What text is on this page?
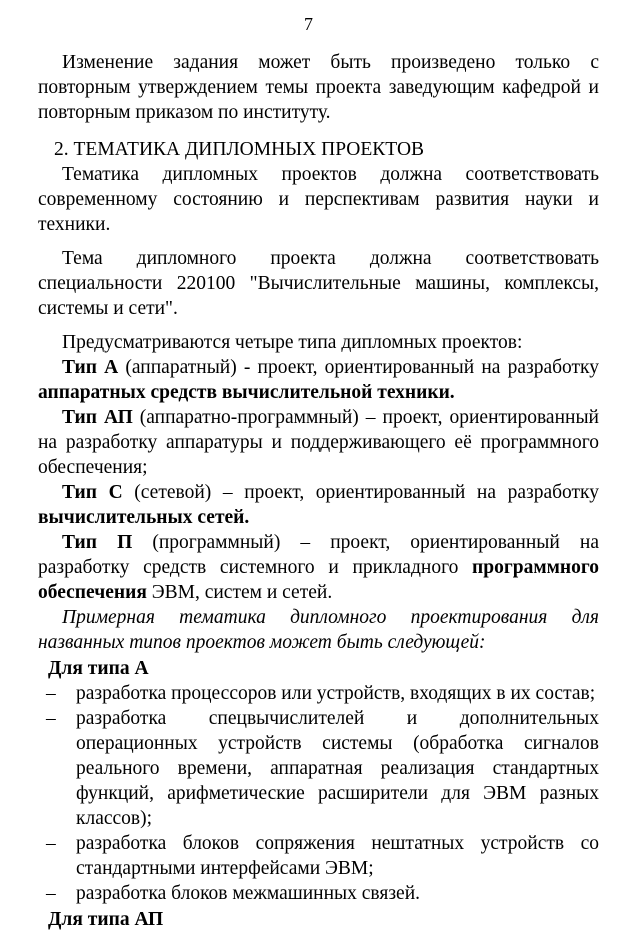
7

Изменение задания может быть произведено только с повторным утверждением темы проекта заведующим кафедрой и повторным приказом по институту.

2. ТЕМАТИКА ДИПЛОМНЫХ ПРОЕКТОВ

Тематика дипломных проектов должна соответствовать современному состоянию и перспективам развития науки и техники.

Тема дипломного проекта должна соответствовать специальности 220100 "Вычислительные машины, комплексы, системы и сети".

Предусматриваются четыре типа дипломных проектов:

Тип А (аппаратный) - проект, ориентированный на разработку аппаратных средств вычислительной техники.

Тип АП (аппаратно-программный) – проект, ориентированный на разработку аппаратуры и поддерживающего её программного обеспечения;

Тип С (сетевой) – проект, ориентированный на разработку вычислительных сетей.

Тип П (программный) – проект, ориентированный на разработку средств системного и прикладного программного обеспечения ЭВМ, систем и сетей.

Примерная тематика дипломного проектирования для названных типов проектов может быть следующей:

Для типа А
– разработка процессоров или устройств, входящих в их состав;
– разработка спецвычислителей и дополнительных операционных устройств системы (обработка сигналов реального времени, аппаратная реализация стандартных функций, арифметические расширители для ЭВМ разных классов);
– разработка блоков сопряжения нештатных устройств со стандартными интерфейсами ЭВМ;
– разработка блоков межмашинных связей.
Для типа АП
